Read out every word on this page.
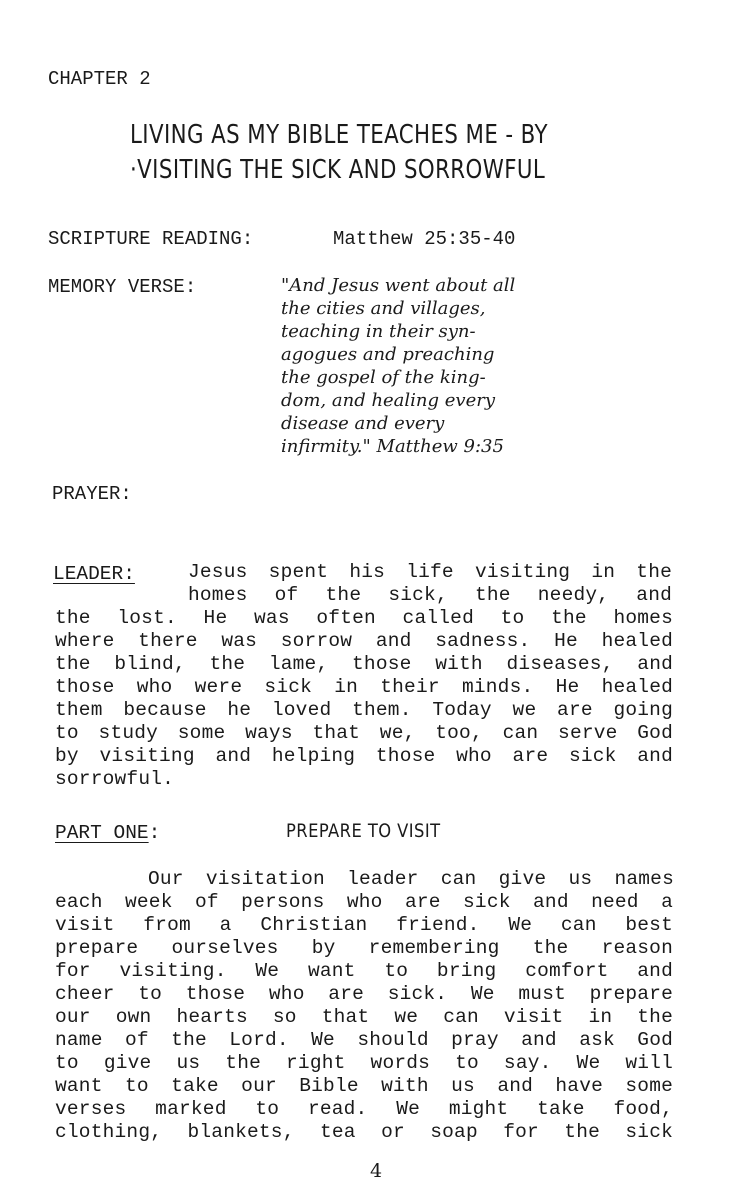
CHAPTER 2
LIVING AS MY BIBLE TEACHES ME - BY
·VISITING THE SICK AND SORROWFUL
SCRIPTURE READING:	Matthew 25:35-40
MEMORY VERSE:	"And Jesus went about all
the cities and villages,
teaching in their syn-
agogues and preaching
the gospel of the king-
dom, and healing every
disease and every
infirmity." Matthew 9:35
PRAYER:
LEADER:	Jesus spent his life visiting in the
homes of the sick, the needy, and
the lost. He was often called to the homes
where there was sorrow and sadness. He healed
the blind, the lame, those with diseases, and
those who were sick in their minds. He healed
them because he loved them. Today we are going
to study some ways that we, too, can serve God
by visiting and helping those who are sick and
sorrowful.
PART ONE:	PREPARE TO VISIT
Our visitation leader can give us names
each week of persons who are sick and need a
visit from a Christian friend. We can best
prepare ourselves by remembering the reason
for visiting. We want to bring comfort and
cheer to those who are sick. We must prepare
our own hearts so that we can visit in the
name of the Lord. We should pray and ask God
to give us the right words to say. We will
want to take our Bible with us and have some
verses marked to read. We might take food,
clothing, blankets, tea or soap for the sick
4
